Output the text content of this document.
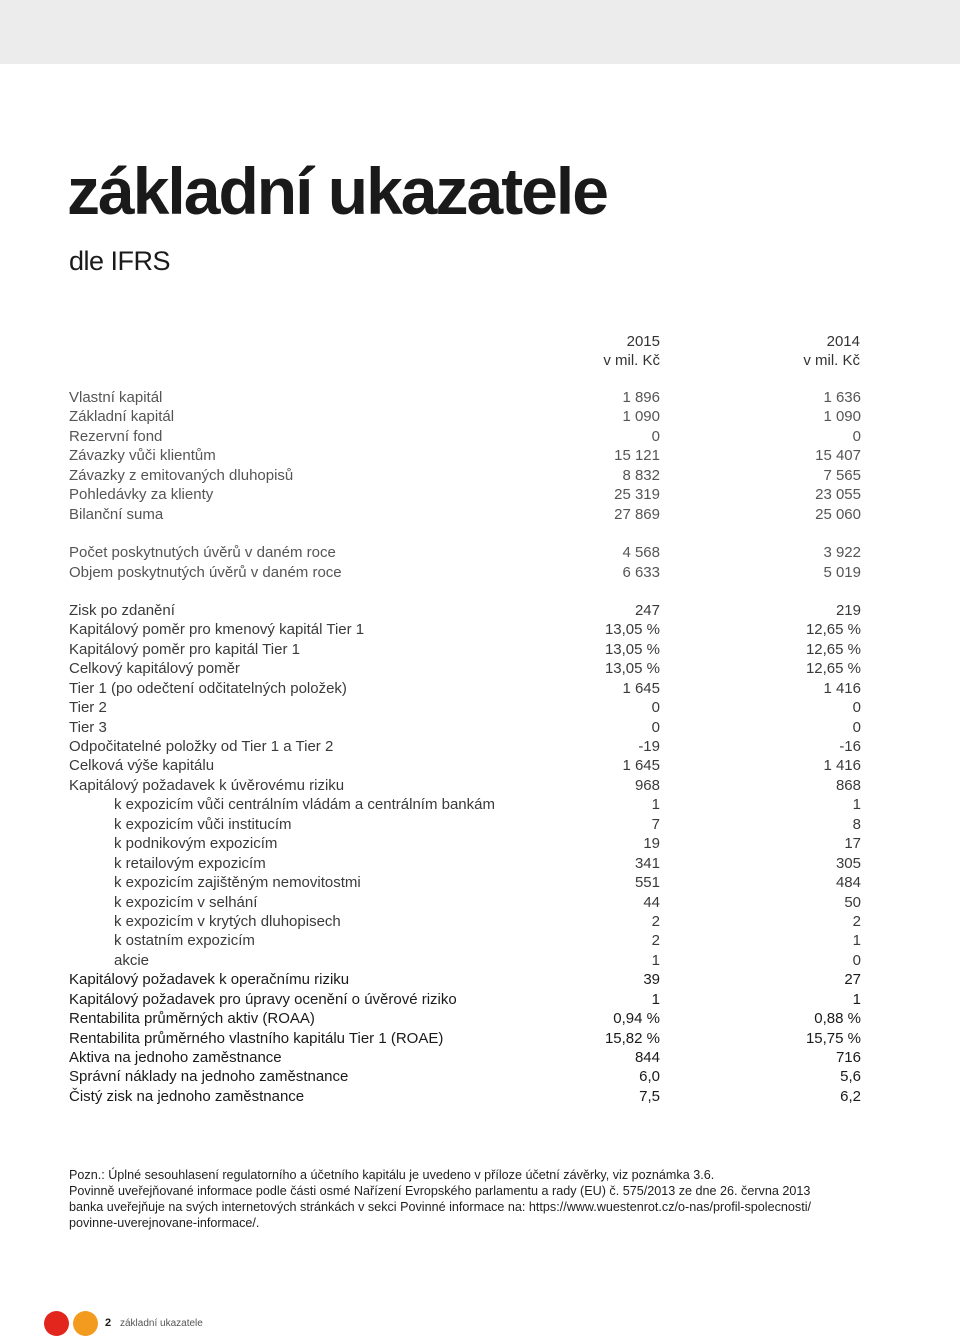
základní ukazatele
dle IFRS
2015
v mil. Kč
2014
v mil. Kč
Vlastní kapitál	1 896	1 636
Základní kapitál	1 090	1 090
Rezervní fond	0	0
Závazky vůči klientům	15 121	15 407
Závazky z emitovaných dluhopisů	8 832	7 565
Pohledávky za klienty	25 319	23 055
Bilanční suma	27 869	25 060
Počet poskytnutých úvěrů v daném roce	4 568	3 922
Objem poskytnutých úvěrů v daném roce	6 633	5 019
Zisk po zdanění	247	219
Kapitálový poměr pro kmenový kapitál Tier 1	13,05 %	12,65 %
Kapitálový poměr pro kapitál Tier 1	13,05 %	12,65 %
Celkový kapitálový poměr	13,05 %	12,65 %
Tier 1 (po odečtení odčitatelných položek)	1 645	1 416
Tier 2	0	0
Tier 3	0	0
Odpočitatelné položky od Tier 1 a Tier 2	-19	-16
Celková výše kapitálu	1 645	1 416
Kapitálový požadavek k úvěrovému riziku	968	868
k expozicím vůči centrálním vládám a centrálním bankám	1	1
k expozicím vůči institucím	7	8
k podnikovým expozicím	19	17
k retailovým expozicím	341	305
k expozicím zajištěným nemovitostmi	551	484
k expozicím v selhání	44	50
k expozicím v krytých dluhopisech	2	2
k ostatním expozicím	2	1
akcie	1	0
Kapitálový požadavek k operačnímu riziku	39	27
Kapitálový požadavek pro úpravy ocenění o úvěrové riziko	1	1
Rentabilita průměrných aktiv (ROAA)	0,94 %	0,88 %
Rentabilita průměrného vlastního kapitálu Tier 1 (ROAE)	15,82 %	15,75 %
Aktiva na jednoho zaměstnance	844	716
Správní náklady na jednoho zaměstnance	6,0	5,6
Čistý zisk na jednoho zaměstnance	7,5	6,2
Pozn.: Úplné sesouhlasení regulatorního a účetního kapitálu je uvedeno v příloze účetní závěrky, viz poznámka 3.6.
Povinně uveřejňované informace podle části osmé Nařízení Evropského parlamentu a rady (EU) č. 575/2013 ze dne 26. června 2013
banka uveřejňuje na svých internetových stránkách v sekci Povinné informace na: https://www.wuestenrot.cz/o-nas/profil-spolecnosti/
povinne-uverejnovane-informace/.
2 základní ukazatele
